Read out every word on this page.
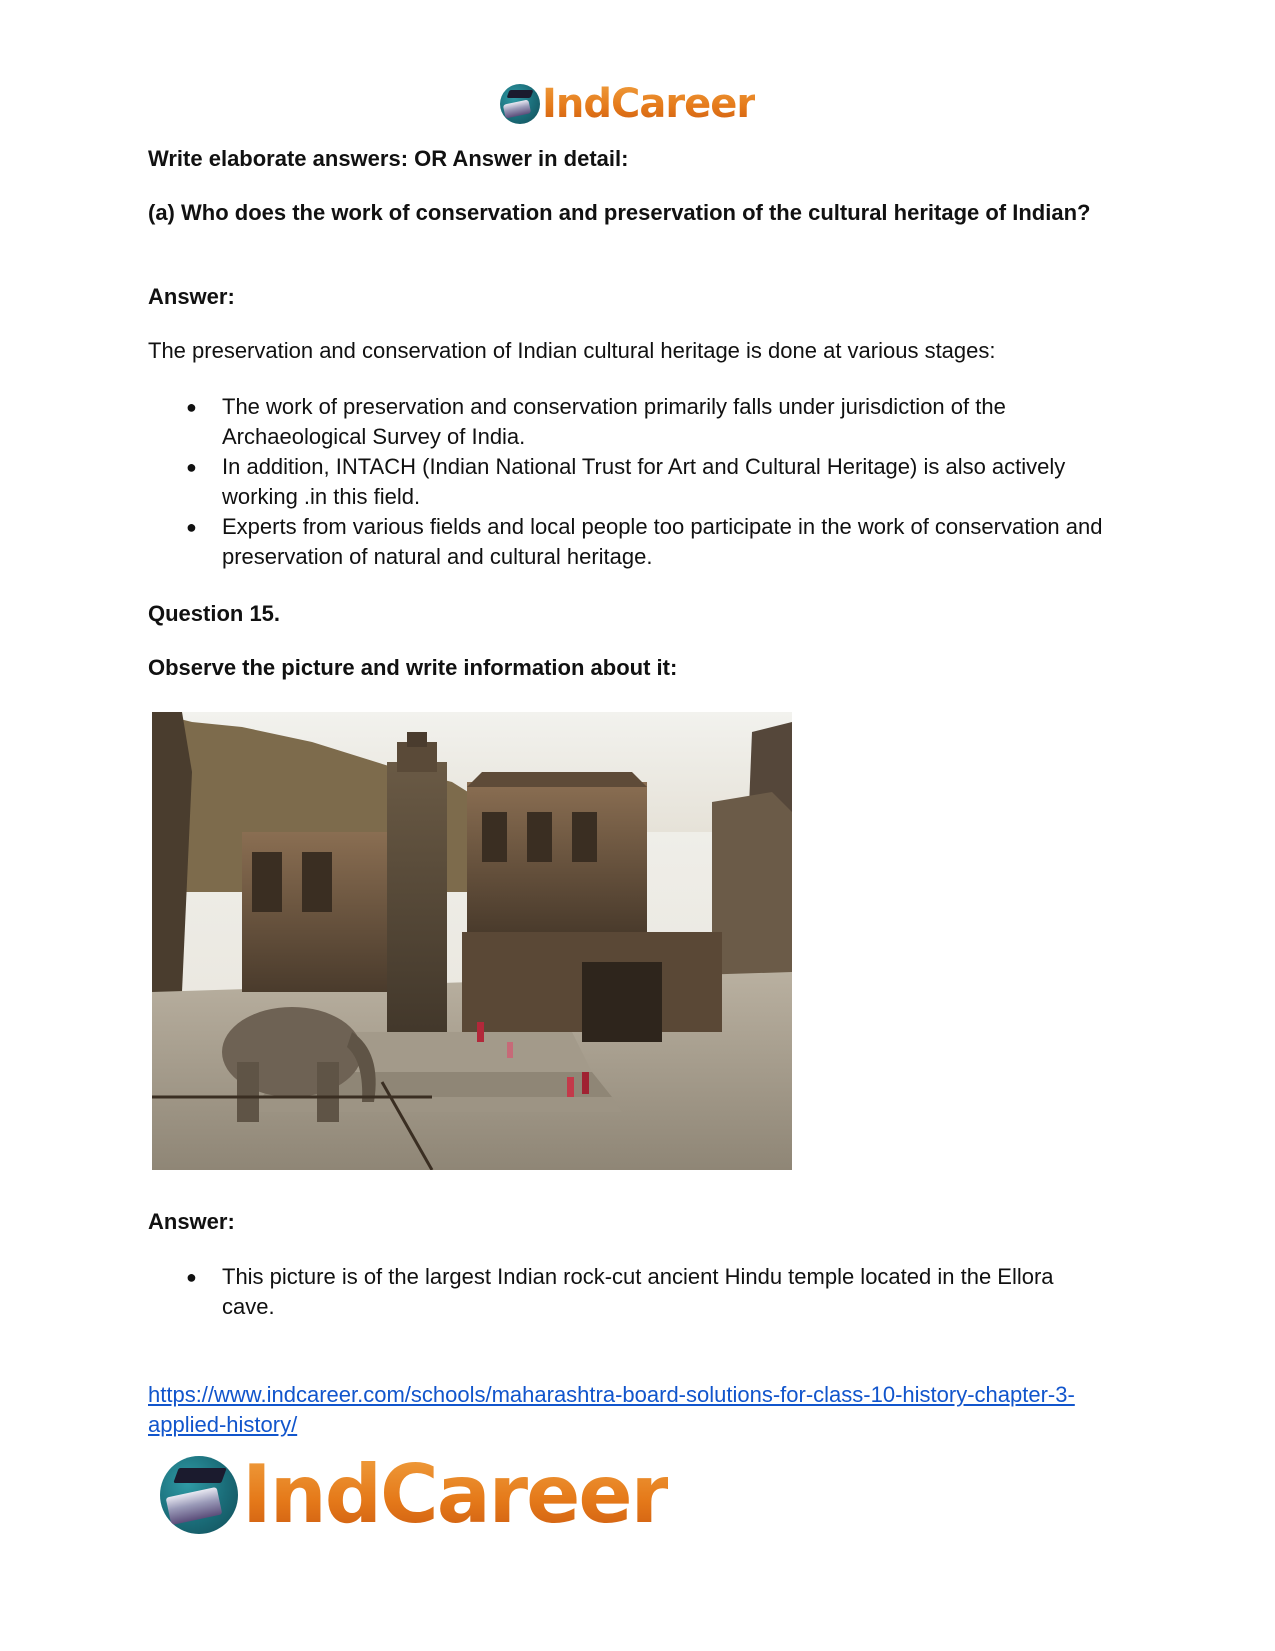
IndCareer
Write elaborate answers: OR Answer in detail:
(a) Who does the work of conservation and preservation of the cultural heritage of Indian?
Answer:
The preservation and conservation of Indian cultural heritage is done at various stages:
● The work of preservation and conservation primarily falls under jurisdiction of the Archaeological Survey of India.
● In addition, INTACH (Indian National Trust for Art and Cultural Heritage) is also actively working .in this field.
● Experts from various fields and local people too participate in the work of conservation and preservation of natural and cultural heritage.
Question 15.
Observe the picture and write information about it:
Answer:
● This picture is of the largest Indian rock-cut ancient Hindu temple located in the Ellora cave.
https://www.indcareer.com/schools/maharashtra-board-solutions-for-class-10-history-chapter-3-applied-history/
IndCareer
